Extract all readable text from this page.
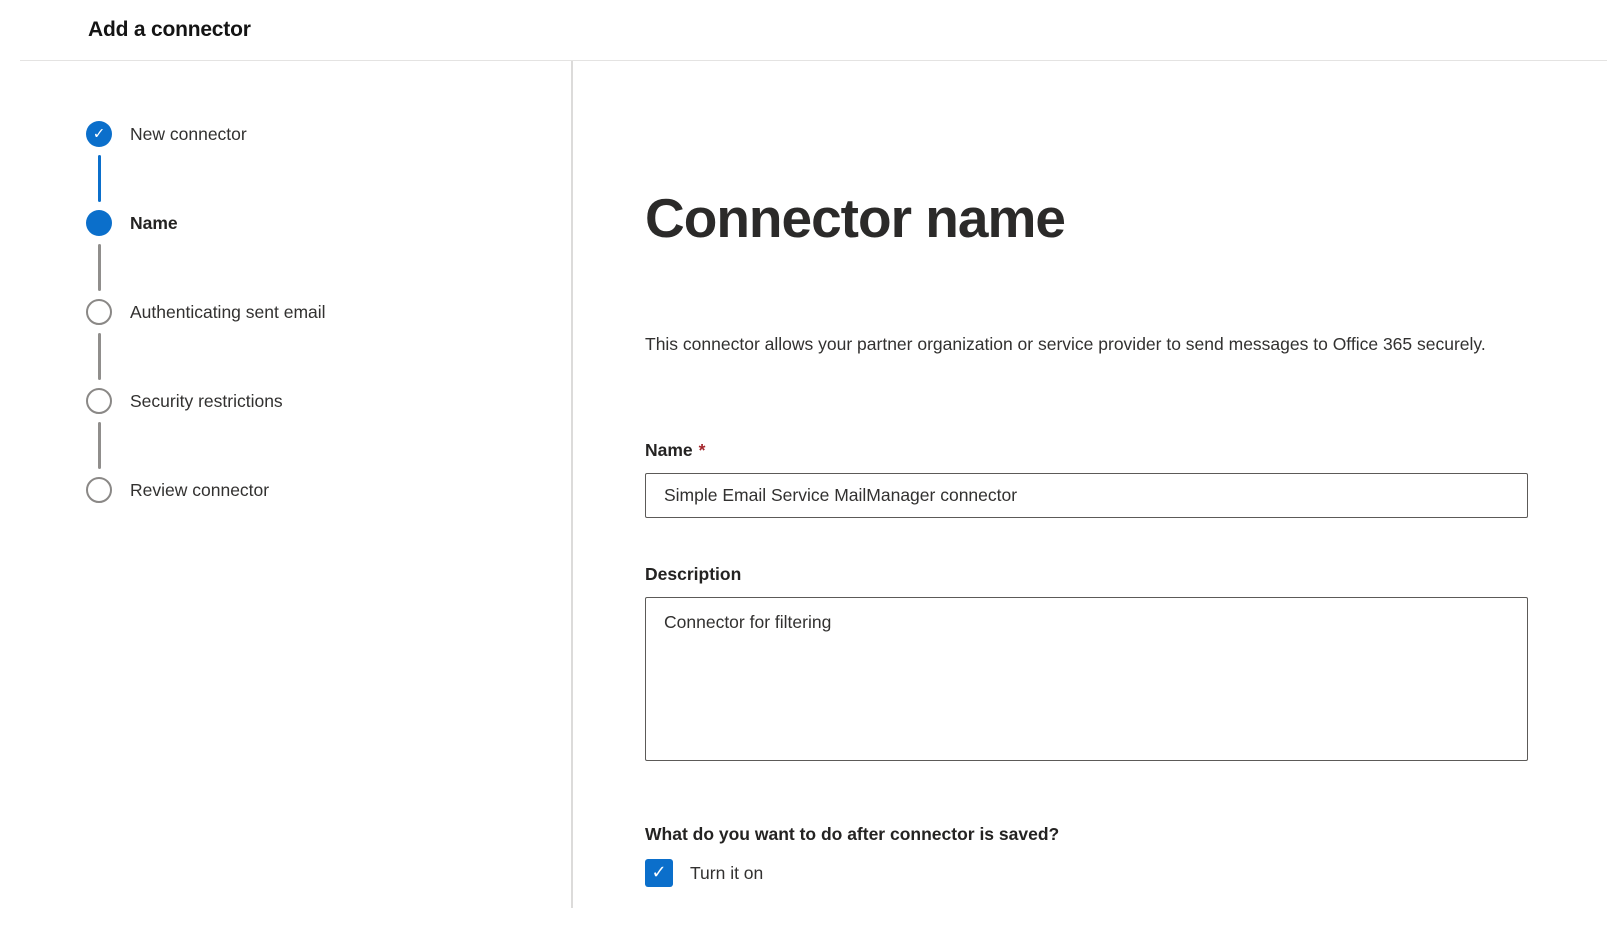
Add a connector
✓ New connector
Name
Authenticating sent email
Security restrictions
Review connector
Connector name

This connector allows your partner organization or service provider to send messages to Office 365 securely.

Name *
Simple Email Service MailManager connector
Description
Connector for filtering
What do you want to do after connector is saved?
✓ Turn it on
